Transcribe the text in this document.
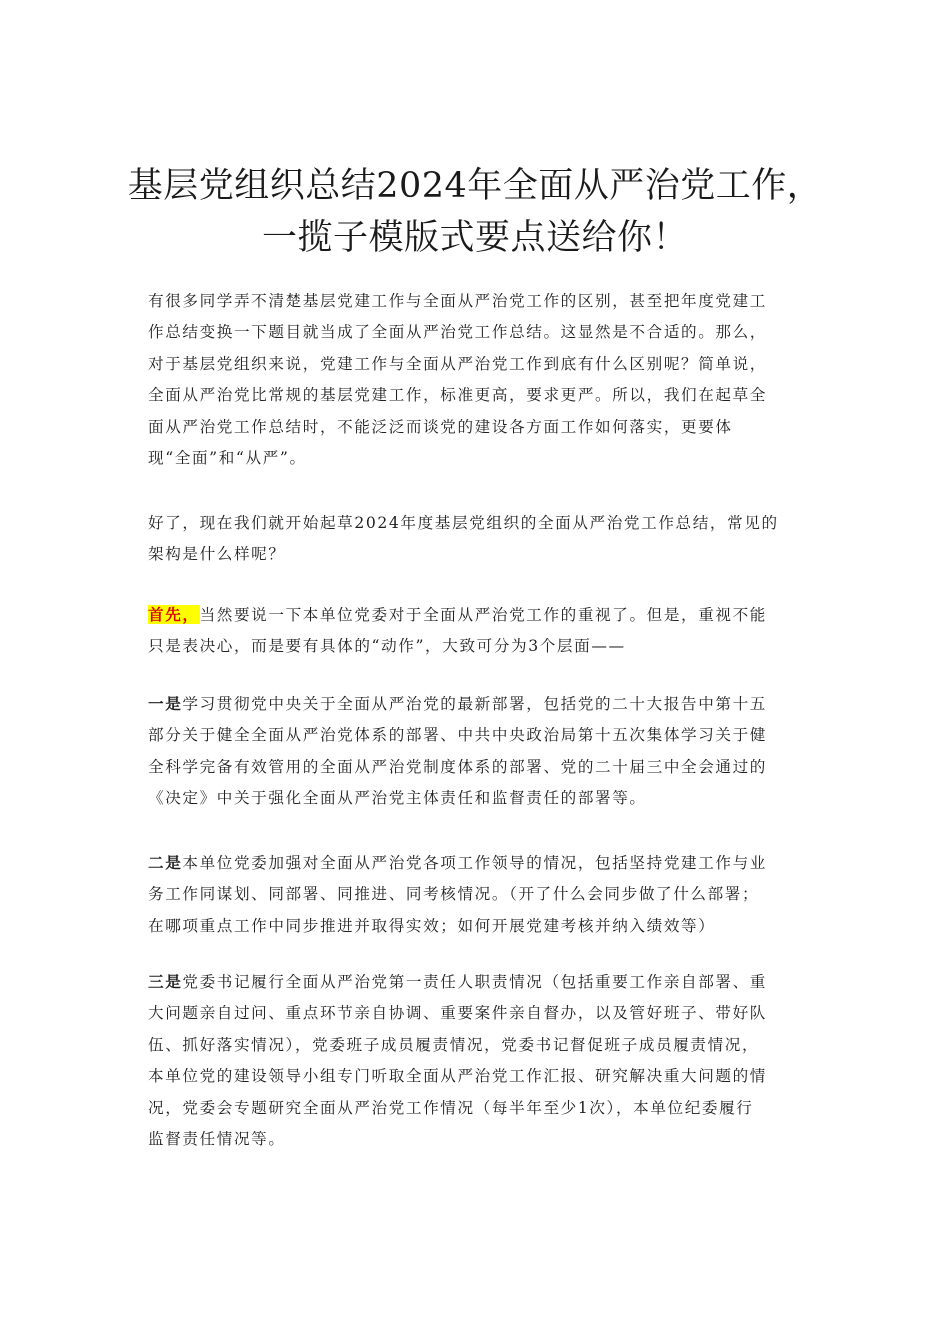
基层党组织总结2024年全面从严治党工作，
一揽子模版式要点送给你！
有很多同学弄不清楚基层党建工作与全面从严治党工作的区别，甚至把年度党建工
作总结变换一下题目就当成了全面从严治党工作总结。这显然是不合适的。那么，
对于基层党组织来说，党建工作与全面从严治党工作到底有什么区别呢？简单说，
全面从严治党比常规的基层党建工作，标准更高，要求更严。所以，我们在起草全
面从严治党工作总结时，不能泛泛而谈党的建设各方面工作如何落实，更要体
现“全面”和“从严”。
好了，现在我们就开始起草2024年度基层党组织的全面从严治党工作总结，常见的
架构是什么样呢？
首先，当然要说一下本单位党委对于全面从严治党工作的重视了。但是，重视不能
只是表决心，而是要有具体的“动作”，大致可分为3个层面——
一是学习贯彻党中央关于全面从严治党的最新部署，包括党的二十大报告中第十五
部分关于健全全面从严治党体系的部署、中共中央政治局第十五次集体学习关于健
全科学完备有效管用的全面从严治党制度体系的部署、党的二十届三中全会通过的
《决定》中关于强化全面从严治党主体责任和监督责任的部署等。
二是本单位党委加强对全面从严治党各项工作领导的情况，包括坚持党建工作与业
务工作同谋划、同部署、同推进、同考核情况。（开了什么会同步做了什么部署；
在哪项重点工作中同步推进并取得实效；如何开展党建考核并纳入绩效等）
三是党委书记履行全面从严治党第一责任人职责情况（包括重要工作亲自部署、重
大问题亲自过问、重点环节亲自协调、重要案件亲自督办，以及管好班子、带好队
伍、抓好落实情况），党委班子成员履责情况，党委书记督促班子成员履责情况，
本单位党的建设领导小组专门听取全面从严治党工作汇报、研究解决重大问题的情
况，党委会专题研究全面从严治党工作情况（每半年至少1次），本单位纪委履行
监督责任情况等。
